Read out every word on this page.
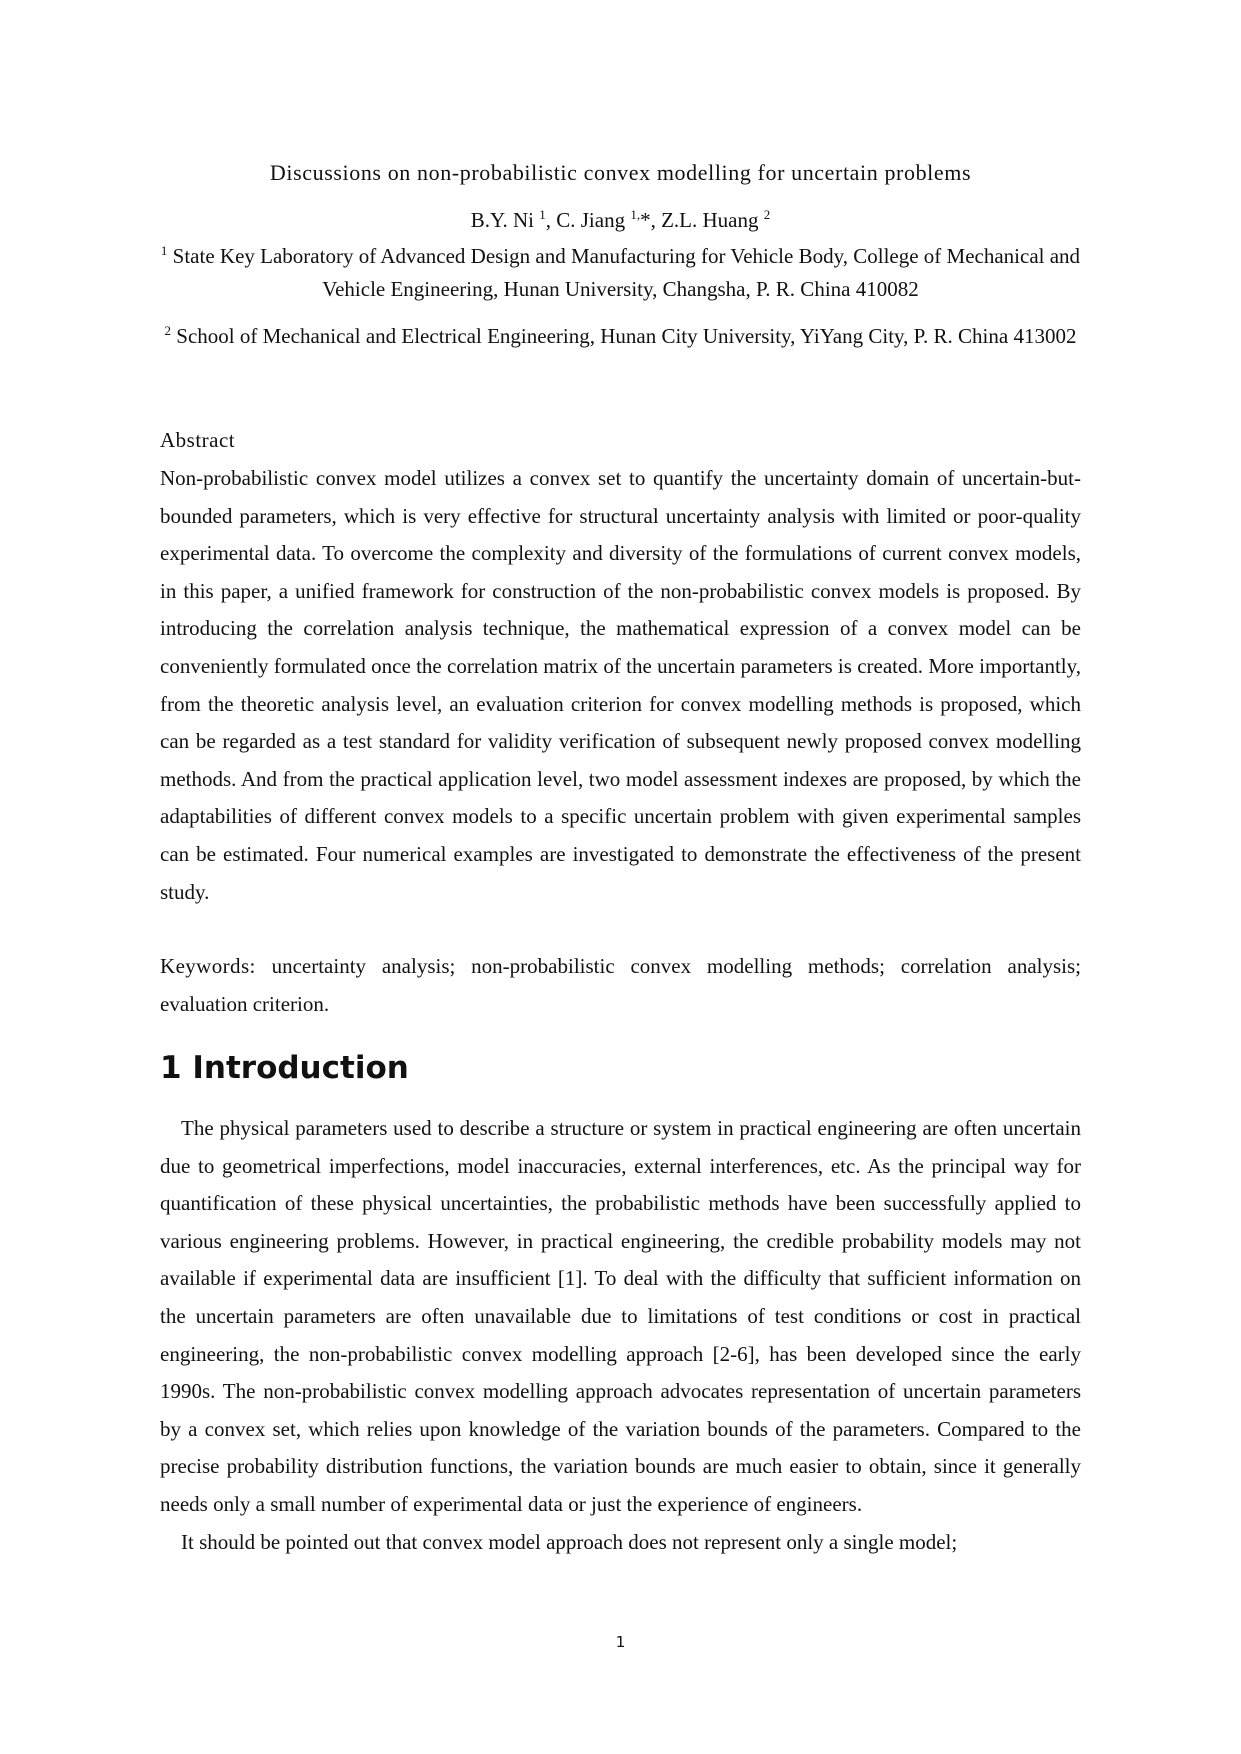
Discussions on non-probabilistic convex modelling for uncertain problems
B.Y. Ni $^1$, C. Jiang $^{1,}$*, Z.L. Huang $^2$
$^1$ State Key Laboratory of Advanced Design and Manufacturing for Vehicle Body, College of Mechanical and Vehicle Engineering, Hunan University, Changsha, P. R. China 410082
$^2$ School of Mechanical and Electrical Engineering, Hunan City University, YiYang City, P. R. China 413002
Abstract
Non-probabilistic convex model utilizes a convex set to quantify the uncertainty domain of uncertain-but-bounded parameters, which is very effective for structural uncertainty analysis with limited or poor-quality experimental data. To overcome the complexity and diversity of the formulations of current convex models, in this paper, a unified framework for construction of the non-probabilistic convex models is proposed. By introducing the correlation analysis technique, the mathematical expression of a convex model can be conveniently formulated once the correlation matrix of the uncertain parameters is created. More importantly, from the theoretic analysis level, an evaluation criterion for convex modelling methods is proposed, which can be regarded as a test standard for validity verification of subsequent newly proposed convex modelling methods. And from the practical application level, two model assessment indexes are proposed, by which the adaptabilities of different convex models to a specific uncertain problem with given experimental samples can be estimated. Four numerical examples are investigated to demonstrate the effectiveness of the present study.
Keywords: uncertainty analysis; non-probabilistic convex modelling methods; correlation analysis; evaluation criterion.
1 Introduction

The physical parameters used to describe a structure or system in practical engineering are often uncertain due to geometrical imperfections, model inaccuracies, external interferences, etc. As the principal way for quantification of these physical uncertainties, the probabilistic methods have been successfully applied to various engineering problems. However, in practical engineering, the credible probability models may not available if experimental data are insufficient [1]. To deal with the difficulty that sufficient information on the uncertain parameters are often unavailable due to limitations of test conditions or cost in practical engineering, the non-probabilistic convex modelling approach [2-6], has been developed since the early 1990s. The non-probabilistic convex modelling approach advocates representation of uncertain parameters by a convex set, which relies upon knowledge of the variation bounds of the parameters. Compared to the precise probability distribution functions, the variation bounds are much easier to obtain, since it generally needs only a small number of experimental data or just the experience of engineers.

It should be pointed out that convex model approach does not represent only a single model;

1
